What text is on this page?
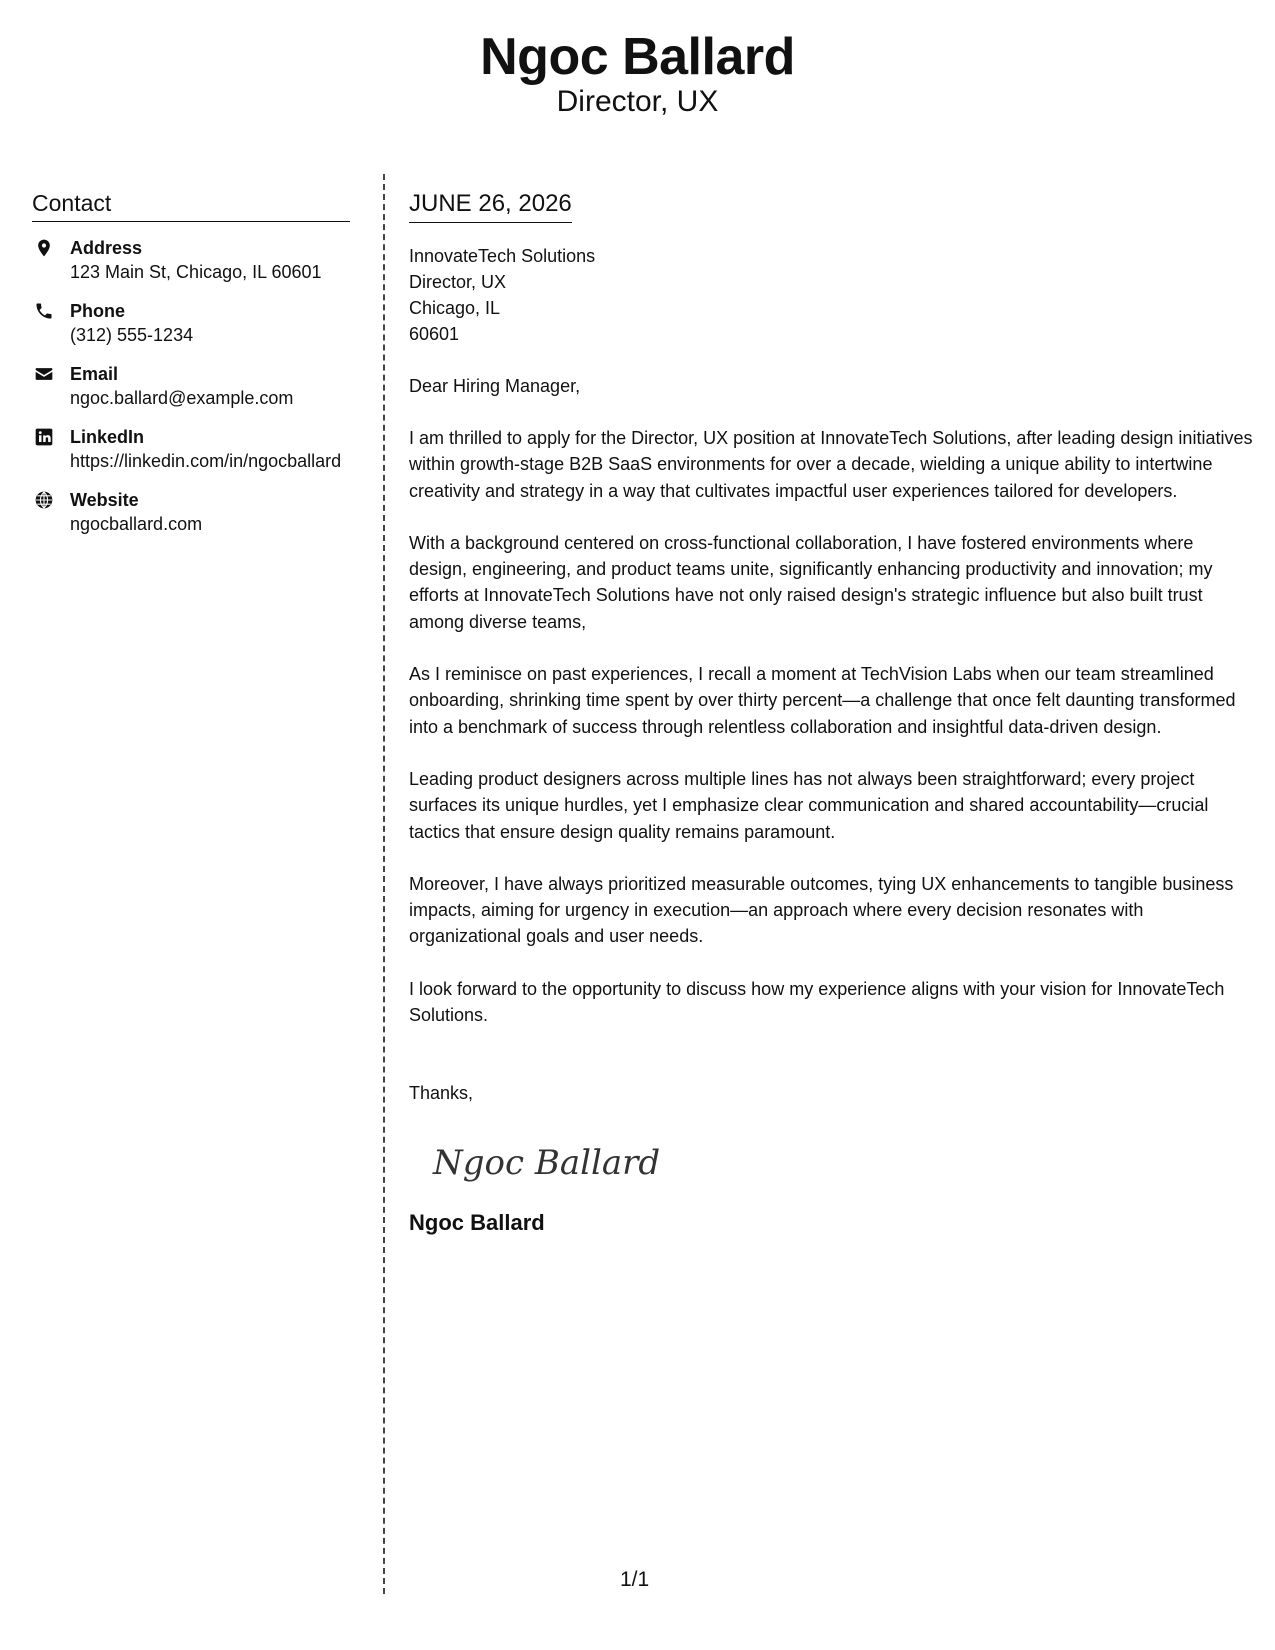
Ngoc Ballard
Director, UX
Contact
Address
123 Main St, Chicago, IL 60601
Phone
(312) 555-1234
Email
ngoc.ballard@example.com
LinkedIn
https://linkedin.com/in/ngocballard
Website
ngocballard.com
JUNE 26, 2026
InnovateTech Solutions
Director, UX
Chicago, IL
60601
Dear Hiring Manager,
I am thrilled to apply for the Director, UX position at InnovateTech Solutions, after leading design initiatives within growth-stage B2B SaaS environments for over a decade, wielding a unique ability to intertwine creativity and strategy in a way that cultivates impactful user experiences tailored for developers.
With a background centered on cross-functional collaboration, I have fostered environments where design, engineering, and product teams unite, significantly enhancing productivity and innovation; my efforts at InnovateTech Solutions have not only raised design's strategic influence but also built trust among diverse teams,
As I reminisce on past experiences, I recall a moment at TechVision Labs when our team streamlined onboarding, shrinking time spent by over thirty percent—a challenge that once felt daunting transformed into a benchmark of success through relentless collaboration and insightful data-driven design.
Leading product designers across multiple lines has not always been straightforward; every project surfaces its unique hurdles, yet I emphasize clear communication and shared accountability—crucial tactics that ensure design quality remains paramount.
Moreover, I have always prioritized measurable outcomes, tying UX enhancements to tangible business impacts, aiming for urgency in execution—an approach where every decision resonates with organizational goals and user needs.
I look forward to the opportunity to discuss how my experience aligns with your vision for InnovateTech Solutions.
Thanks,
Ngoc Ballard
Ngoc Ballard
1/1
